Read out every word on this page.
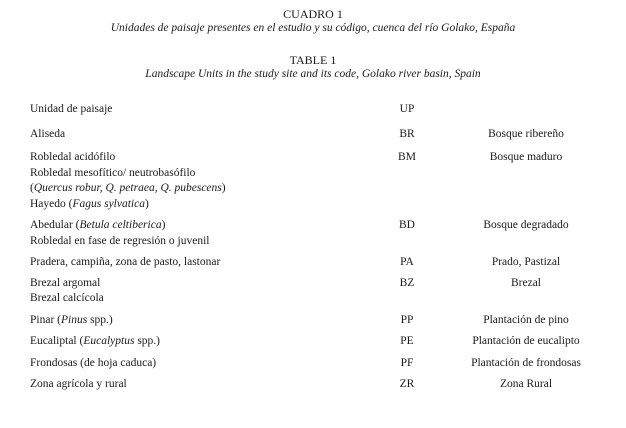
CUADRO 1
Unidades de paisaje presentes en el estudio y su código, cuenca del río Golako, España
TABLE 1
Landscape Units in the study site and its code, Golako river basin, Spain
Unidad de paisaje	UP	

Aliseda	BR	Bosque ribereño

Robledal acidófilo
Robledal mesofítico/ neutrobasófilo
(Quercus robur, Q. petraea, Q. pubescens)
Hayedo (Fagus sylvatica)	BM	Bosque maduro

Abedular (Betula celtiberica)
Robledal en fase de regresión o juvenil	BD	Bosque degradado

Pradera, campiña, zona de pasto, lastonar	PA	Prado, Pastizal

Brezal argomal
Brezal calcícola	BZ	Brezal

Pinar (Pinus spp.)	PP	Plantación de pino

Eucaliptal (Eucalyptus spp.)	PE	Plantación de eucalipto

Frondosas (de hoja caduca)	PF	Plantación de frondosas

Zona agrícola y rural	ZR	Zona Rural
